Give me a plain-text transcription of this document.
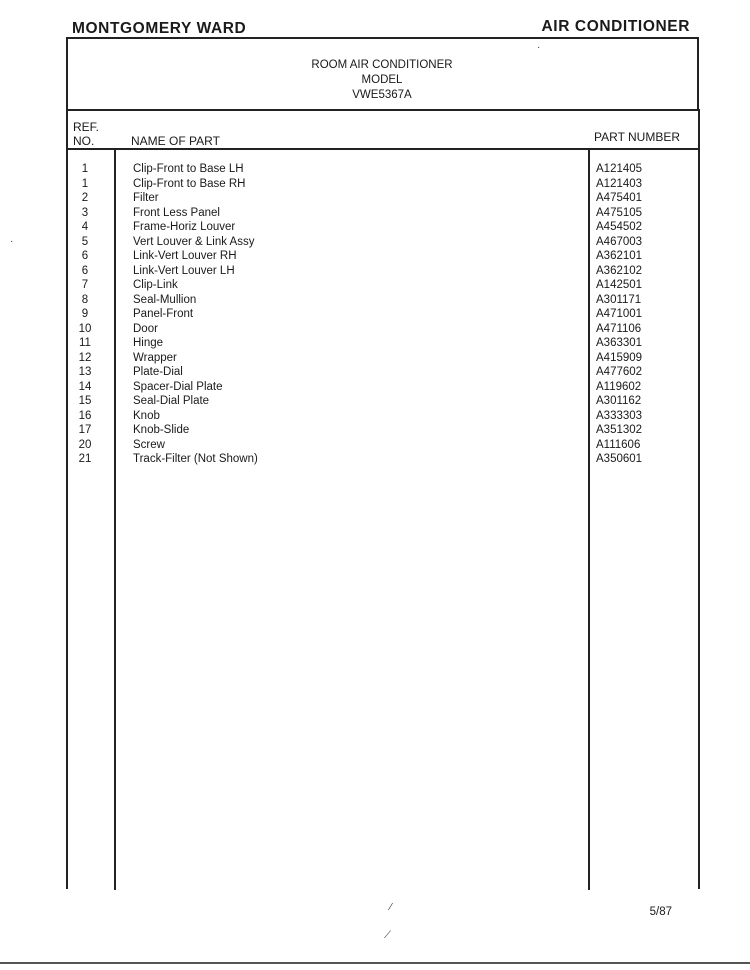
MONTGOMERY WARD	AIR CONDITIONER
ROOM AIR CONDITIONER
MODEL
VWE5367A
REF.
NO.	NAME OF PART	PART NUMBER
1	Clip-Front to Base LH	A121405
1	Clip-Front to Base RH	A121403
2	Filter	A475401
3	Front Less Panel	A475105
4	Frame-Horiz Louver	A454502
5	Vert Louver & Link Assy	A467003
6	Link-Vert Louver RH	A362101
6	Link-Vert Louver LH	A362102
7	Clip-Link	A142501
8	Seal-Mullion	A301171
9	Panel-Front	A471001
10	Door	A471106
11	Hinge	A363301
12	Wrapper	A415909
13	Plate-Dial	A477602
14	Spacer-Dial Plate	A119602
15	Seal-Dial Plate	A301162
16	Knob	A333303
17	Knob-Slide	A351302
20	Screw	A111606
21	Track-Filter (Not Shown)	A350601
5/87
·
·
⁄
⟋
